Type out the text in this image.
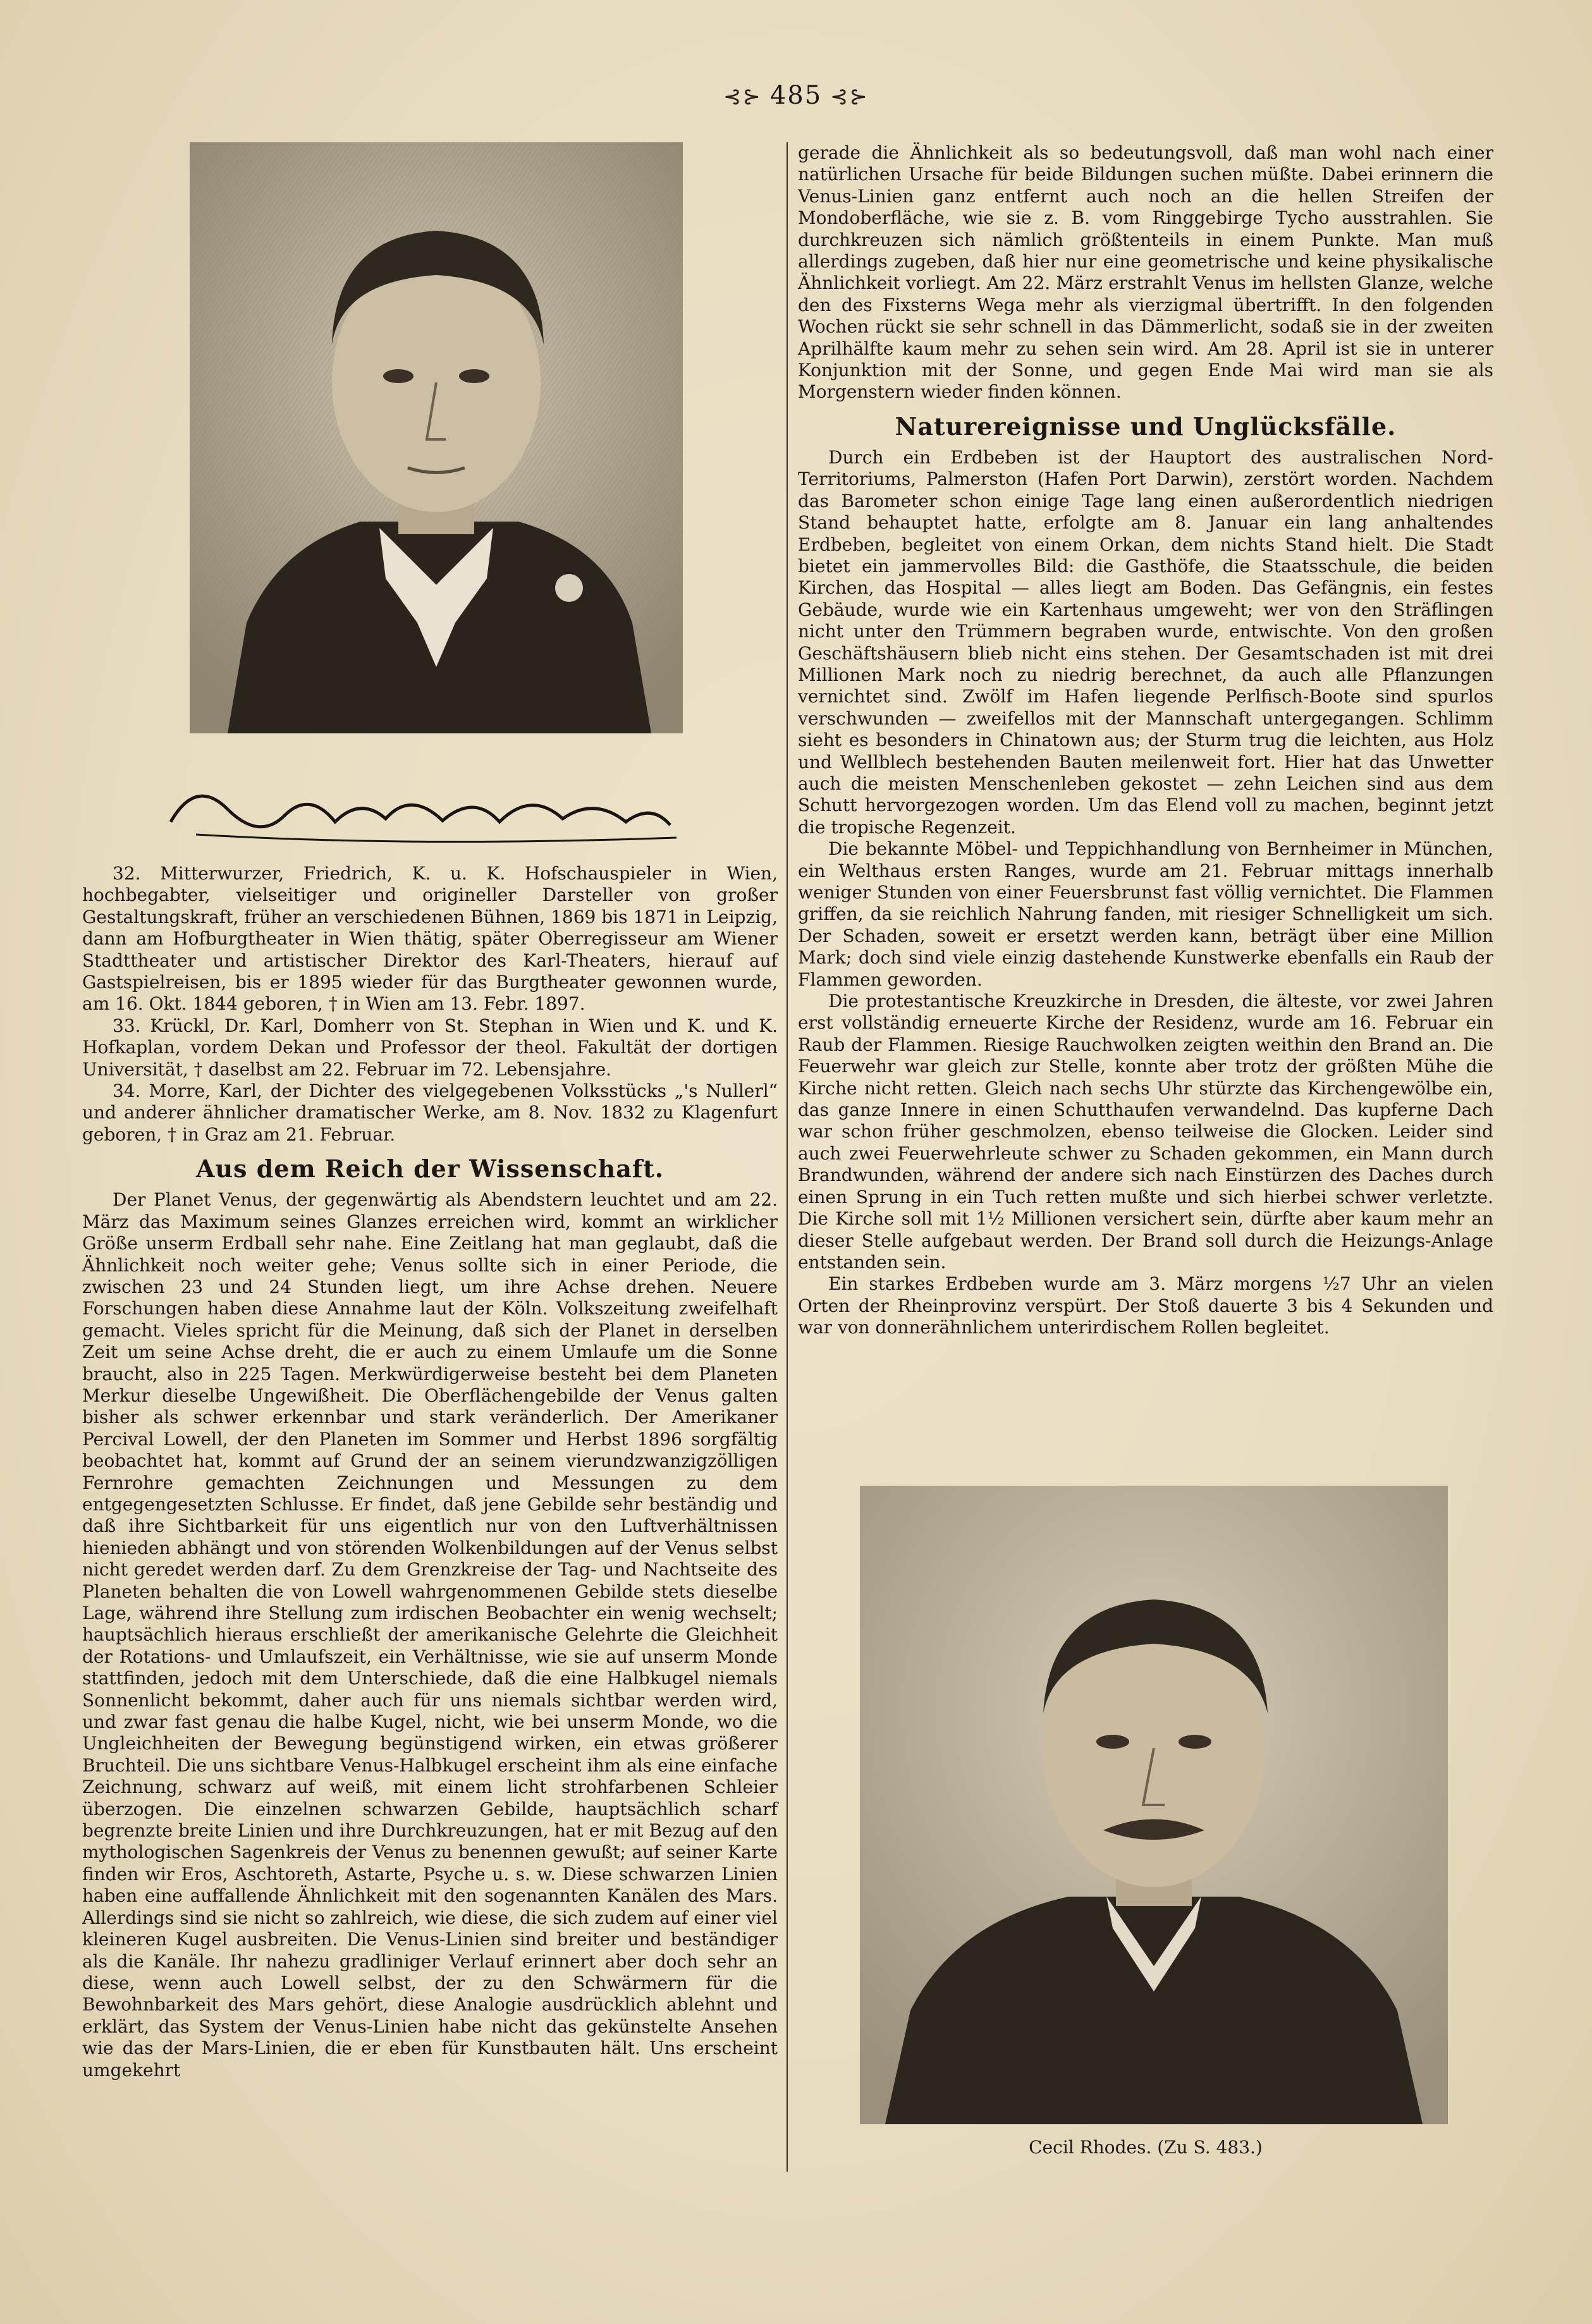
⊰⊱ 485 ⊰⊱

32. Mitterwurzer, Friedrich, K. u. K. Hofschauspieler in Wien, hochbegabter, vielseitiger und origineller Darsteller von großer Gestaltungskraft, früher an verschiedenen Bühnen, 1869 bis 1871 in Leipzig, dann am Hofburgtheater in Wien thätig, später Oberregisseur am Wiener Stadttheater und artistischer Direktor des Karl-Theaters, hierauf auf Gastspielreisen, bis er 1895 wieder für das Burgtheater gewonnen wurde, am 16. Okt. 1844 geboren, † in Wien am 13. Febr. 1897.

33. Krückl, Dr. Karl, Domherr von St. Stephan in Wien und K. und K. Hofkaplan, vordem Dekan und Professor der theol. Fakultät der dortigen Universität, † daselbst am 22. Februar im 72. Lebensjahre.

34. Morre, Karl, der Dichter des vielgegebenen Volksstücks „'s Nullerl“ und anderer ähnlicher dramatischer Werke, am 8. Nov. 1832 zu Klagenfurt geboren, † in Graz am 21. Februar.

Aus dem Reich der Wissenschaft.

Der Planet Venus, der gegenwärtig als Abendstern leuchtet und am 22. März das Maximum seines Glanzes erreichen wird, kommt an wirklicher Größe unserm Erdball sehr nahe. Eine Zeitlang hat man geglaubt, daß die Ähnlichkeit noch weiter gehe; Venus sollte sich in einer Periode, die zwischen 23 und 24 Stunden liegt, um ihre Achse drehen. Neuere Forschungen haben diese Annahme laut der Köln. Volkszeitung zweifelhaft gemacht. Vieles spricht für die Meinung, daß sich der Planet in derselben Zeit um seine Achse dreht, die er auch zu einem Umlaufe um die Sonne braucht, also in 225 Tagen. Merkwürdigerweise besteht bei dem Planeten Merkur dieselbe Ungewißheit. Die Oberflächengebilde der Venus galten bisher als schwer erkennbar und stark veränderlich. Der Amerikaner Percival Lowell, der den Planeten im Sommer und Herbst 1896 sorgfältig beobachtet hat, kommt auf Grund der an seinem vierundzwanzigzölligen Fernrohre gemachten Zeichnungen und Messungen zu dem entgegengesetzten Schlusse. Er findet, daß jene Gebilde sehr beständig und daß ihre Sichtbarkeit für uns eigentlich nur von den Luftverhältnissen hienieden abhängt und von störenden Wolkenbildungen auf der Venus selbst nicht geredet werden darf. Zu dem Grenzkreise der Tag- und Nachtseite des Planeten behalten die von Lowell wahrgenommenen Gebilde stets dieselbe Lage, während ihre Stellung zum irdischen Beobachter ein wenig wechselt; hauptsächlich hieraus erschließt der amerikanische Gelehrte die Gleichheit der Rotations- und Umlaufszeit, ein Verhältnisse, wie sie auf unserm Monde stattfinden, jedoch mit dem Unterschiede, daß die eine Halbkugel niemals Sonnenlicht bekommt, daher auch für uns niemals sichtbar werden wird, und zwar fast genau die halbe Kugel, nicht, wie bei unserm Monde, wo die Ungleichheiten der Bewegung begünstigend wirken, ein etwas größerer Bruchteil. Die uns sichtbare Venus-Halbkugel erscheint ihm als eine einfache Zeichnung, schwarz auf weiß, mit einem licht strohfarbenen Schleier überzogen. Die einzelnen schwarzen Gebilde, hauptsächlich scharf begrenzte breite Linien und ihre Durchkreuzungen, hat er mit Bezug auf den mythologischen Sagenkreis der Venus zu benennen gewußt; auf seiner Karte finden wir Eros, Aschtoreth, Astarte, Psyche u. s. w. Diese schwarzen Linien haben eine auffallende Ähnlichkeit mit den sogenannten Kanälen des Mars. Allerdings sind sie nicht so zahlreich, wie diese, die sich zudem auf einer viel kleineren Kugel ausbreiten. Die Venus-Linien sind breiter und beständiger als die Kanäle. Ihr nahezu gradliniger Verlauf erinnert aber doch sehr an diese, wenn auch Lowell selbst, der zu den Schwärmern für die Bewohnbarkeit des Mars gehört, diese Analogie ausdrücklich ablehnt und erklärt, das System der Venus-Linien habe nicht das gekünstelte Ansehen wie das der Mars-Linien, die er eben für Kunstbauten hält. Uns erscheint umgekehrt

gerade die Ähnlichkeit als so bedeutungsvoll, daß man wohl nach einer natürlichen Ursache für beide Bildungen suchen müßte. Dabei erinnern die Venus-Linien ganz entfernt auch noch an die hellen Streifen der Mondoberfläche, wie sie z. B. vom Ringgebirge Tycho ausstrahlen. Sie durchkreuzen sich nämlich größtenteils in einem Punkte. Man muß allerdings zugeben, daß hier nur eine geometrische und keine physikalische Ähnlichkeit vorliegt. Am 22. März erstrahlt Venus im hellsten Glanze, welche den des Fixsterns Wega mehr als vierzigmal übertrifft. In den folgenden Wochen rückt sie sehr schnell in das Dämmerlicht, sodaß sie in der zweiten Aprilhälfte kaum mehr zu sehen sein wird. Am 28. April ist sie in unterer Konjunktion mit der Sonne, und gegen Ende Mai wird man sie als Morgenstern wieder finden können.

Naturereignisse und Unglücksfälle.

Durch ein Erdbeben ist der Hauptort des australischen Nord-Territoriums, Palmerston (Hafen Port Darwin), zerstört worden. Nachdem das Barometer schon einige Tage lang einen außerordentlich niedrigen Stand behauptet hatte, erfolgte am 8. Januar ein lang anhaltendes Erdbeben, begleitet von einem Orkan, dem nichts Stand hielt. Die Stadt bietet ein jammervolles Bild: die Gasthöfe, die Staatsschule, die beiden Kirchen, das Hospital — alles liegt am Boden. Das Gefängnis, ein festes Gebäude, wurde wie ein Kartenhaus umgeweht; wer von den Sträflingen nicht unter den Trümmern begraben wurde, entwischte. Von den großen Geschäftshäusern blieb nicht eins stehen. Der Gesamtschaden ist mit drei Millionen Mark noch zu niedrig berechnet, da auch alle Pflanzungen vernichtet sind. Zwölf im Hafen liegende Perlfisch-Boote sind spurlos verschwunden — zweifellos mit der Mannschaft untergegangen. Schlimm sieht es besonders in Chinatown aus; der Sturm trug die leichten, aus Holz und Wellblech bestehenden Bauten meilenweit fort. Hier hat das Unwetter auch die meisten Menschenleben gekostet — zehn Leichen sind aus dem Schutt hervorgezogen worden. Um das Elend voll zu machen, beginnt jetzt die tropische Regenzeit.

Die bekannte Möbel- und Teppichhandlung von Bernheimer in München, ein Welthaus ersten Ranges, wurde am 21. Februar mittags innerhalb weniger Stunden von einer Feuersbrunst fast völlig vernichtet. Die Flammen griffen, da sie reichlich Nahrung fanden, mit riesiger Schnelligkeit um sich. Der Schaden, soweit er ersetzt werden kann, beträgt über eine Million Mark; doch sind viele einzig dastehende Kunstwerke ebenfalls ein Raub der Flammen geworden.

Die protestantische Kreuzkirche in Dresden, die älteste, vor zwei Jahren erst vollständig erneuerte Kirche der Residenz, wurde am 16. Februar ein Raub der Flammen. Riesige Rauchwolken zeigten weithin den Brand an. Die Feuerwehr war gleich zur Stelle, konnte aber trotz der größten Mühe die Kirche nicht retten. Gleich nach sechs Uhr stürzte das Kirchengewölbe ein, das ganze Innere in einen Schutthaufen verwandelnd. Das kupferne Dach war schon früher geschmolzen, ebenso teilweise die Glocken. Leider sind auch zwei Feuerwehrleute schwer zu Schaden gekommen, ein Mann durch Brandwunden, während der andere sich nach Einstürzen des Daches durch einen Sprung in ein Tuch retten mußte und sich hierbei schwer verletzte. Die Kirche soll mit 1½ Millionen versichert sein, dürfte aber kaum mehr an dieser Stelle aufgebaut werden. Der Brand soll durch die Heizungs-Anlage entstanden sein.

Ein starkes Erdbeben wurde am 3. März morgens ½7 Uhr an vielen Orten der Rheinprovinz verspürt. Der Stoß dauerte 3 bis 4 Sekunden und war von donnerähnlichem unterirdischem Rollen begleitet.

Cecil Rhodes. (Zu S. 483.)
